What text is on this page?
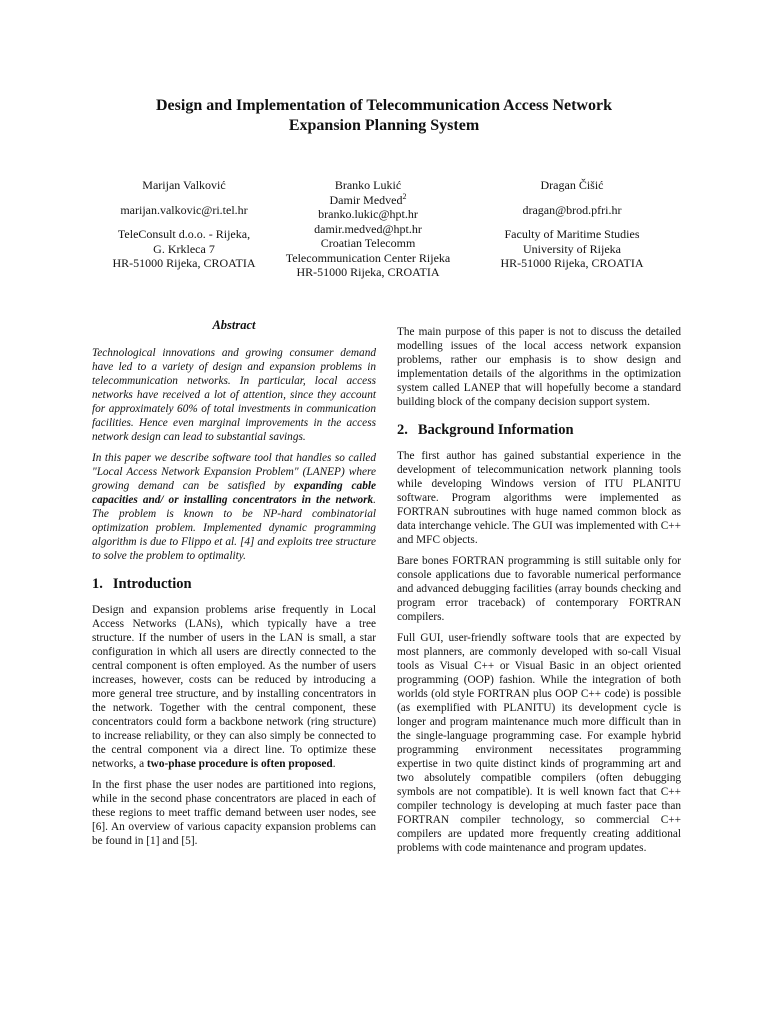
Design and Implementation of Telecommunication Access Network
Expansion Planning System
Marijan Valković
marijan.valkovic@ri.tel.hr
TeleConsult d.o.o. - Rijeka,
G. Krkleca 7
HR-51000 Rijeka, CROATIA
Branko Lukić
Damir Medved$^2$
branko.lukic@hpt.hr
damir.medved@hpt.hr
Croatian Telecomm
Telecommunication Center Rijeka
HR-51000 Rijeka, CROATIA
Dragan Čišić
dragan@brod.pfri.hr
Faculty of Maritime Studies
University of Rijeka
HR-51000 Rijeka, CROATIA
Abstract

Technological innovations and growing consumer demand have led to a variety of design and expansion problems in telecommunication networks. In particular, local access networks have received a lot of attention, since they account for approximately 60% of total investments in communication facilities. Hence even marginal improvements in the access network design can lead to substantial savings.

In this paper we describe software tool that handles so called "Local Access Network Expansion Problem" (LANEP) where growing demand can be satisfied by expanding cable capacities and/ or installing concentrators in the network. The problem is known to be NP-hard combinatorial optimization problem. Implemented dynamic programming algorithm is due to Flippo et al. [4] and exploits tree structure to solve the problem to optimality.

1. Introduction

Design and expansion problems arise frequently in Local Access Networks (LANs), which typically have a tree structure. If the number of users in the LAN is small, a star configuration in which all users are directly connected to the central component is often employed. As the number of users increases, however, costs can be reduced by introducing a more general tree structure, and by installing concentrators in the network. Together with the central component, these concentrators could form a backbone network (ring structure) to increase reliability, or they can also simply be connected to the central component via a direct line. To optimize these networks, a two-phase procedure is often proposed.

In the first phase the user nodes are partitioned into regions, while in the second phase concentrators are placed in each of these regions to meet traffic demand between user nodes, see [6]. An overview of various capacity expansion problems can be found in [1] and [5].

The main purpose of this paper is not to discuss the detailed modelling issues of the local access network expansion problems, rather our emphasis is to show design and implementation details of the algorithms in the optimization system called LANEP that will hopefully become a standard building block of the company decision support system.

2. Background Information

The first author has gained substantial experience in the development of telecommunication network planning tools while developing Windows version of ITU PLANITU software. Program algorithms were implemented as FORTRAN subroutines with huge named common block as data interchange vehicle. The GUI was implemented with C++ and MFC objects.

Bare bones FORTRAN programming is still suitable only for console applications due to favorable numerical performance and advanced debugging facilities (array bounds checking and program error traceback) of contemporary FORTRAN compilers.

Full GUI, user-friendly software tools that are expected by most planners, are commonly developed with so-call Visual tools as Visual C++ or Visual Basic in an object oriented programming (OOP) fashion. While the integration of both worlds (old style FORTRAN plus OOP C++ code) is possible (as exemplified with PLANITU) its development cycle is longer and program maintenance much more difficult than in the single-language programming case. For example hybrid programming environment necessitates programming expertise in two quite distinct kinds of programming art and two absolutely compatible compilers (often debugging symbols are not compatible). It is well known fact that C++ compiler technology is developing at much faster pace than FORTRAN compiler technology, so commercial C++ compilers are updated more frequently creating additional problems with code maintenance and program updates.
